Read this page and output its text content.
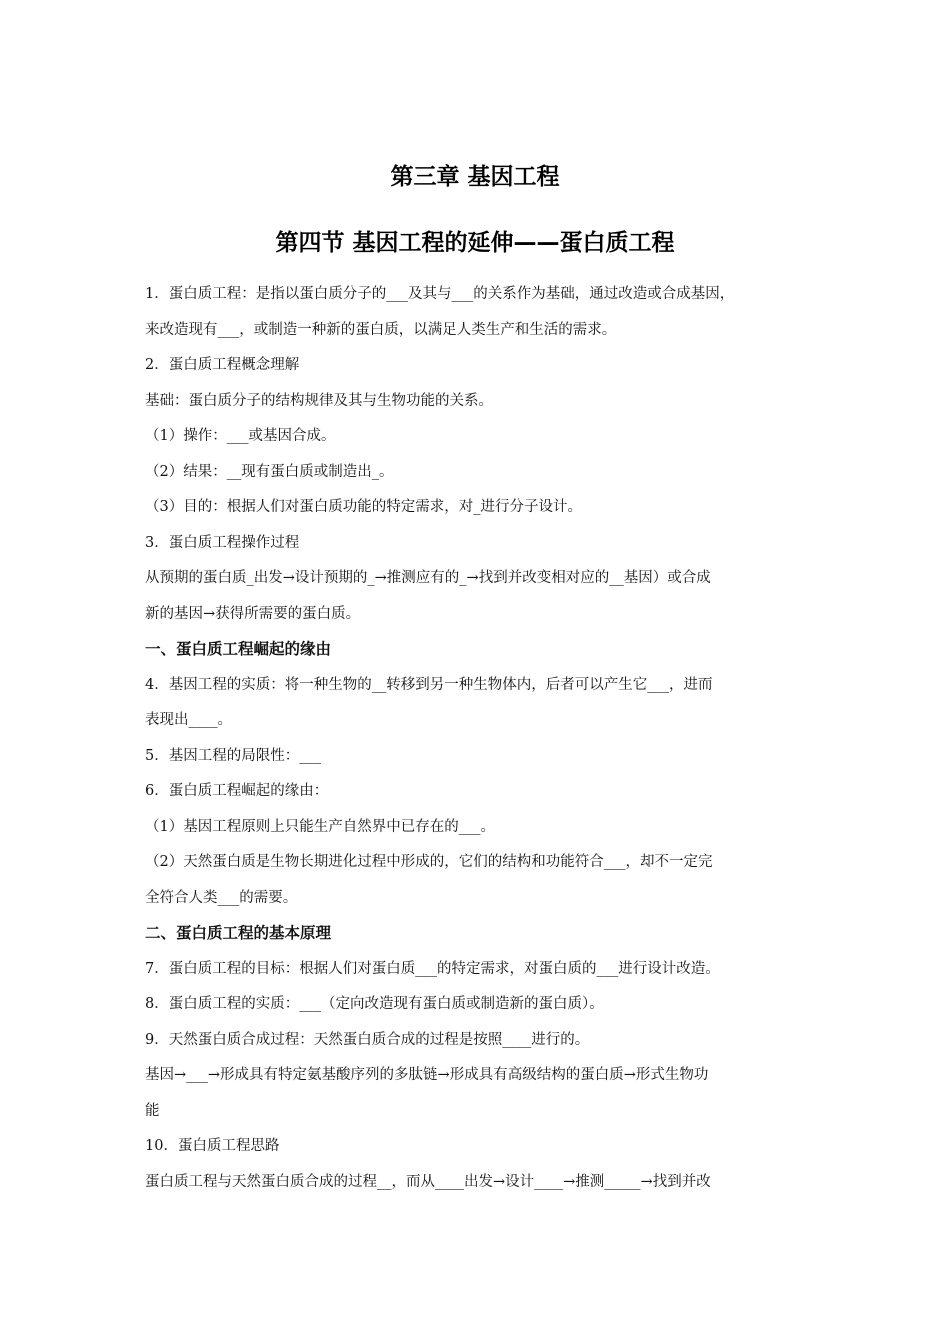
第三章 基因工程
第四节 基因工程的延伸——蛋白质工程

1．蛋白质工程：是指以蛋白质分子的___及其与___的关系作为基础，通过改造或合成基因，

来改造现有___，或制造一种新的蛋白质，以满足人类生产和生活的需求。

2．蛋白质工程概念理解

基础：蛋白质分子的结构规律及其与生物功能的关系。

（1）操作：___或基因合成。

（2）结果：__现有蛋白质或制造出_。

（3）目的：根据人们对蛋白质功能的特定需求，对_进行分子设计。

3．蛋白质工程操作过程

从预期的蛋白质_出发→设计预期的_→推测应有的_→找到并改变相对应的__基因）或合成

新的基因→获得所需要的蛋白质。

一、蛋白质工程崛起的缘由

4．基因工程的实质：将一种生物的__转移到另一种生物体内，后者可以产生它___，进而

表现出____。

5．基因工程的局限性：___

6．蛋白质工程崛起的缘由：

（1）基因工程原则上只能生产自然界中已存在的___。

（2）天然蛋白质是生物长期进化过程中形成的，它们的结构和功能符合___，却不一定完

全符合人类___的需要。

二、蛋白质工程的基本原理

7．蛋白质工程的目标：根据人们对蛋白质___的特定需求，对蛋白质的___进行设计改造。

8．蛋白质工程的实质：___（定向改造现有蛋白质或制造新的蛋白质）。

9．天然蛋白质合成过程：天然蛋白质合成的过程是按照____进行的。

基因→___→形成具有特定氨基酸序列的多肽链→形成具有高级结构的蛋白质→形式生物功

能

10．蛋白质工程思路

蛋白质工程与天然蛋白质合成的过程__，而从____出发→设计____→推测_____→找到并改
